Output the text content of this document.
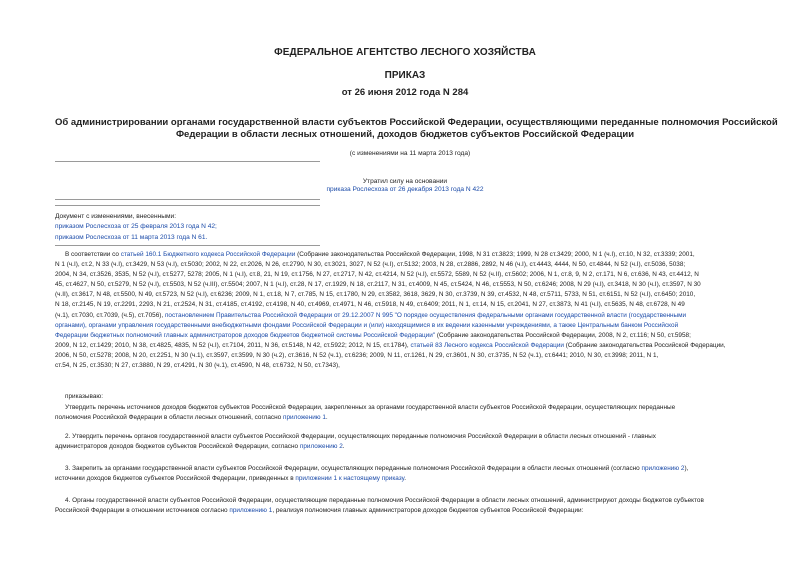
ФЕДЕРАЛЬНОЕ АГЕНТСТВО ЛЕСНОГО ХОЗЯЙСТВА
ПРИКАЗ
от 26 июня 2012 года N 284
Об администрировании органами государственной власти субъектов Российской Федерации, осуществляющими переданные полномочия Российской
Федерации в области лесных отношений, доходов бюджетов субъектов Российской Федерации
(с изменениями на 11 марта 2013 года)
Утратил силу на основании
приказа Рослесхоза от 26 декабря 2013 года N 422
Документ с изменениями, внесенными:
приказом Рослесхоза от 25 февраля 2013 года N 42;
приказом Рослесхоза от 11 марта 2013 года N 61.
В соответствии со статьей 160.1 Бюджетного кодекса Российской Федерации (Собрание законодательства Российской Федерации, 1998, N 31 ст.3823; 1999, N 28 ст.3429; 2000, N 1 (ч.I), ст.10, N 32, ст.3339; 2001,
N 1 (ч.I), ст.2, N 33 (ч.I), ст.3429, N 53 (ч.I), ст.5030; 2002, N 22, ст.2026, N 26, ст.2790, N 30, ст.3021, 3027, N 52 (ч.I), ст.5132; 2003, N 28, ст.2886, 2892, N 46 (ч.I), ст.4443, 4444, N 50, ст.4844, N 52 (ч.I), ст.5036, 5038;
2004, N 34, ст.3526, 3535, N 52 (ч.I), ст.5277, 5278; 2005, N 1 (ч.I), ст.8, 21, N 19, ст.1756, N 27, ст.2717, N 42, ст.4214, N 52 (ч.I), ст.5572, 5589, N 52 (ч.II), ст.5602; 2006, N 1, ст.8, 9, N 2, ст.171, N 6, ст.636, N 43, ст.4412, N
45, ст.4627, N 50, ст.5279, N 52 (ч.I), ст.5503, N 52 (ч.III), ст.5504; 2007, N 1 (ч.I), ст.28, N 17, ст.1929, N 18, ст.2117, N 31, ст.4009, N 45, ст.5424, N 46, ст.5553, N 50, ст.6246; 2008, N 29 (ч.I), ст.3418, N 30 (ч.I), ст.3597, N 30
(ч.II), ст.3617, N 48, ст.5500, N 49, ст.5723, N 52 (ч.I), ст.6236; 2009, N 1, ст.18, N 7, ст.785, N 15, ст.1780, N 29, ст.3582, 3618, 3629, N 30, ст.3739, N 39, ст.4532, N 48, ст.5711, 5733, N 51, ст.6151, N 52 (ч.I), ст.6450; 2010,
N 18, ст.2145, N 19, ст.2291, 2293, N 21, ст.2524, N 31, ст.4185, ст.4192, ст.4198, N 40, ст.4969, ст.4971, N 46, ст.5918, N 49, ст.6409; 2011, N 1, ст.14, N 15, ст.2041, N 27, ст.3873, N 41 (ч.I), ст.5635, N 48, ст.6728, N 49
(ч.1), ст.7030, ст.7039, (ч.5), ст.7056), постановлением Правительства Российской Федерации от 29.12.2007 N 995 "О порядке осуществления федеральными органами государственной власти (государственными
органами), органами управления государственными внебюджетными фондами Российской Федерации и (или) находящимися в их ведении казенными учреждениями, а также Центральным банком Российской
Федерации бюджетных полномочий главных администраторов доходов бюджетов бюджетной системы Российской Федерации" (Собрание законодательства Российской Федерации, 2008, N 2, ст.116; N 50, ст.5958;
2009, N 12, ст.1429; 2010, N 38, ст.4825, 4835, N 52 (ч.I), ст.7104, 2011, N 36, ст.5148, N 42, ст.5922; 2012, N 15, ст.1784), статьей 83 Лесного кодекса Российской Федерации (Собрание законодательства Российской Федерации,
2006, N 50, ст.5278; 2008, N 20, ст.2251, N 30 (ч.1), ст.3597, ст.3599, N 30 (ч.2), ст.3616, N 52 (ч.1), ст.6236; 2009, N 11, ст.1261, N 29, ст.3601, N 30, ст.3735, N 52 (ч.1), ст.6441; 2010, N 30, ст.3998; 2011, N 1,
ст.54, N 25, ст.3530; N 27, ст.3880, N 29, ст.4291, N 30 (ч.1), ст.4590, N 48, ст.6732, N 50, ст.7343),
приказываю:
Утвердить перечень источников доходов бюджетов субъектов Российской Федерации, закрепленных за органами государственной власти субъектов Российской Федерации, осуществляющих переданные
полномочия Российской Федерации в области лесных отношений, согласно приложению 1.
2. Утвердить перечень органов государственной власти субъектов Российской Федерации, осуществляющих переданные полномочия Российской Федерации в области лесных отношений - главных
администраторов доходов бюджетов субъектов Российской Федерации, согласно приложению 2.
3. Закрепить за органами государственной власти субъектов Российской Федерации, осуществляющих переданные полномочия Российской Федерации в области лесных отношений (согласно приложению 2),
источники доходов бюджетов субъектов Российской Федерации, приведенных в приложении 1 к настоящему приказу.
4. Органы государственной власти субъектов Российской Федерации, осуществляющие переданные полномочия Российской Федерации в области лесных отношений, администрируют доходы бюджетов субъектов
Российской Федерации в отношении источников согласно приложению 1, реализуя полномочия главных администраторов доходов бюджетов субъектов Российской Федерации:
